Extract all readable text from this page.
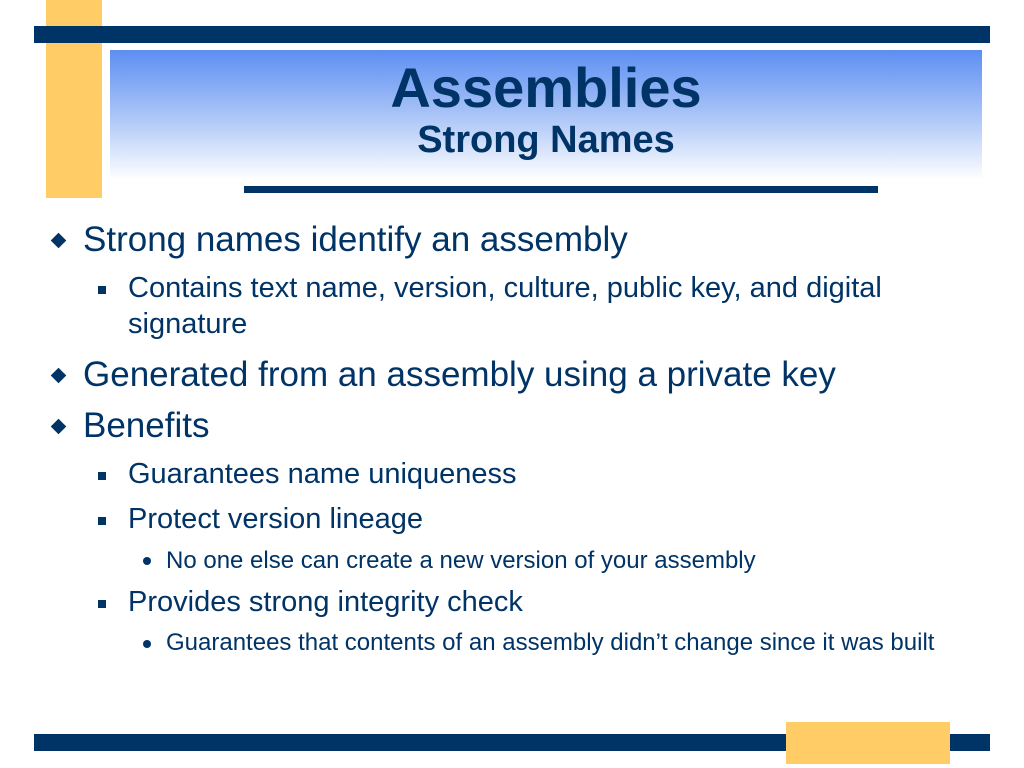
Assemblies
Strong Names
Strong names identify an assembly
Contains text name, version, culture, public key, and digital signature
Generated from an assembly using a private key
Benefits
Guarantees name uniqueness
Protect version lineage
No one else can create a new version of your assembly
Provides strong integrity check
Guarantees that contents of an assembly didn’t change since it was built
